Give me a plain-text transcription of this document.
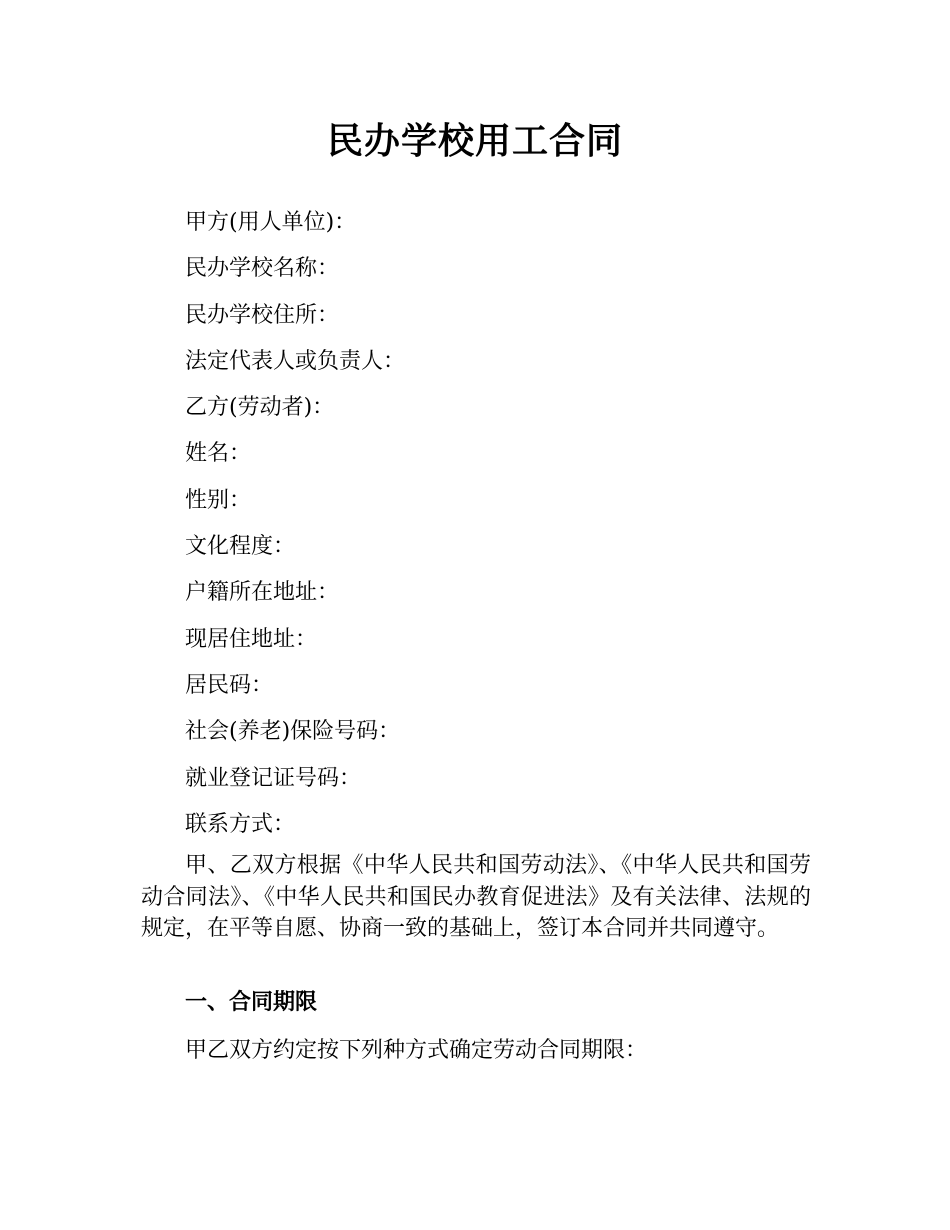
民办学校用工合同
甲方(用人单位)：
民办学校名称：
民办学校住所：
法定代表人或负责人：
乙方(劳动者)：
姓名：
性别：
文化程度：
户籍所在地址：
现居住地址：
居民码：
社会(养老)保险号码：
就业登记证号码：
联系方式：
甲、乙双方根据《中华人民共和国劳动法》、《中华人民共和国劳动合同法》、《中华人民共和国民办教育促进法》及有关法律、法规的规定，在平等自愿、协商一致的基础上，签订本合同并共同遵守。
一、合同期限
甲乙双方约定按下列种方式确定劳动合同期限：
